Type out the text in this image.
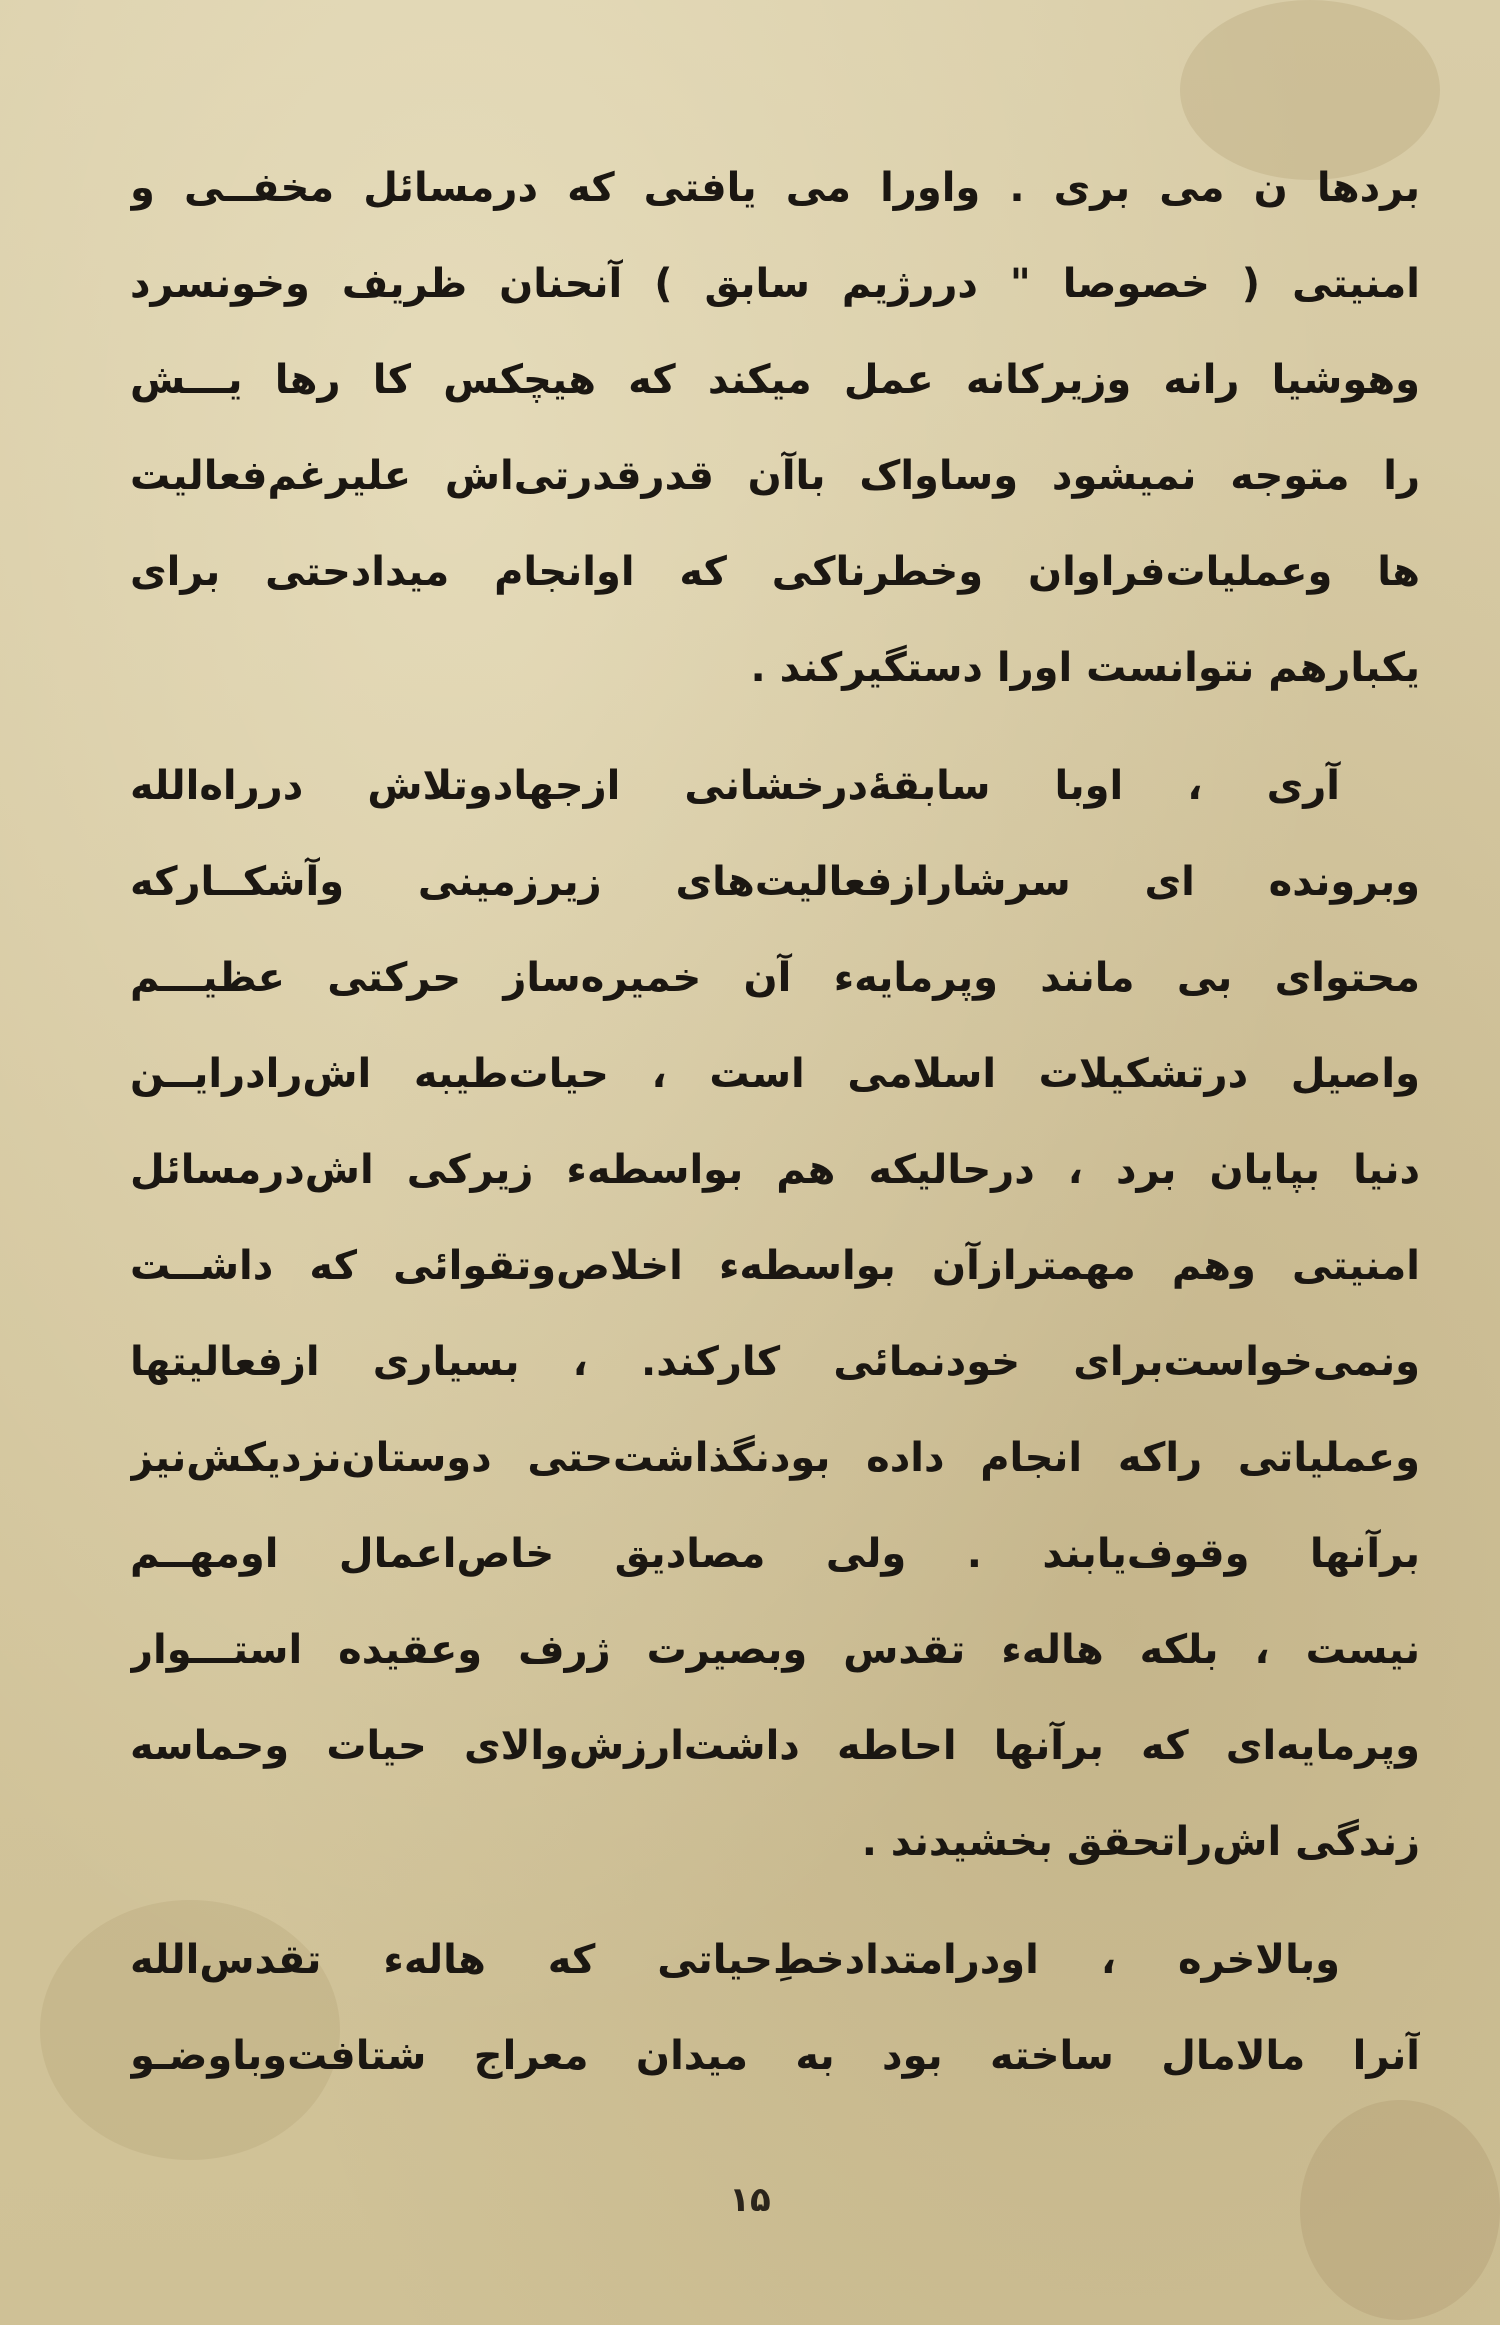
بردها ن می بری . واورا می یافتی که درمسائل مخفــی و
امنیتی ( خصوصا " دررژیم سابق ) آنحنان ظریف وخونسرد
وهوشیا رانه وزیرکانه عمل میکند که هیچکس کا رها یـــش
را متوجه نمیشود وساواک باآن قدرقدرتی‌اش علیرغم‌فعالیت
ها وعملیات‌فراوان وخطرناکی که اوانجام میدادحتی برای
یکبارهم نتوانست اورا دستگیرکند .
آری ، اوبا سابقهٔ‌درخشانی ازجهادوتلاش درراه‌الله
وبرونده ای سرشارازفعالیت‌های زیرزمینی وآشکــاركه
محتوای بی مانند وپرمایه‌ء آن خمیره‌ساز حرکتی عظیـــم
واصیل درتشکیلات اسلامی است ، حیات‌طیبه اش‌رادرایــن
دنیا بپایان برد ، درحالیکه هم بواسطه‌ء زیرکی اش‌درمسائل
امنیتی وهم مهمترازآن بواسطه‌ء اخلاص‌وتقوائی که داشــت
ونمی‌خواست‌برای خودنمائی کارکند. ، بسیاری ازفعالیتها
وعملیاتی راکه انجام داده بودنگذاشت‌حتی دوستان‌نزدیکش‌نیز
برآنها وقوف‌یابند . ولی مصادیق خاص‌اعمال اومهــم
نیست ، بلکه هاله‌ء تقدس وبصیرت ژرف وعقیده استـــوار
وپرمایه‌ای که برآنها احاطه داشت‌ارزش‌والای حیات وحماسه
زندگی اش‌راتحقق بخشیدند .
وبالاخره ، اودرامتدادخطِ‌حیاتی که هاله‌ء تقدس‌الله
آنرا مالامال ساخته بود به میدان معراج شتافت‌وباوضـو
۱۵
